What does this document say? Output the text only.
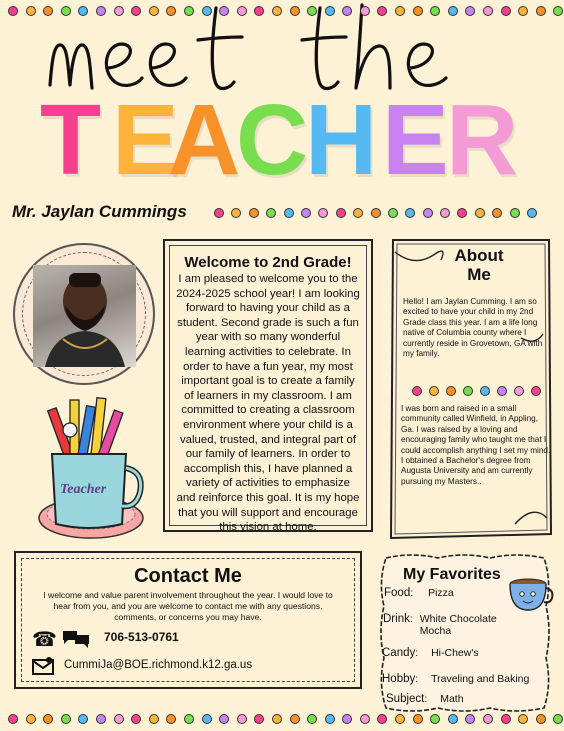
T E
A
C
H E
R
Mr. Jaylan Cummings
Teacher
Welcome to 2nd Grade!
I am pleased to welcome you to the 2024-2025 school year! I am looking forward to having your child as a student. Second grade is such a fun year with so many wonderful learning activities to celebrate. In order to have a fun year, my most important goal is to create a family of learners in my classroom. I am committed to creating a classroom environment where your child is a valued, trusted, and integral part of our family of learners. In order to accomplish this, I have planned a variety of activities to emphasize and reinforce this goal. It is my hope that you will support and encourage this vision at home.
About
Me
Hello! I am Jaylan Cumming. I am so excited to have your child in my 2nd Grade class this year. I am a life long native of Columbia county where I currently reside in Grovetown, GA with my family.
I was born and raised in a small community called Winfield, in Appling, Ga. I was raised by a loving and encouraging family who taught me that I could accomplish anything I set my mind. I obtained a Bachelor's degree from Augusta University and am currently pursuing my Masters..
Contact Me
I welcome and value parent involvement throughout the year. I would love to hear from you, and you are welcome to contact me with any questions, comments, or concerns you may have.
☎	706-513-0761
CummiJa@BOE.richmond.k12.ga.us
My Favorites
Food: Pizza
Drink: White Chocolate Mocha
Candy: Hi-Chew's
Hobby: Traveling and Baking
Subject: Math
